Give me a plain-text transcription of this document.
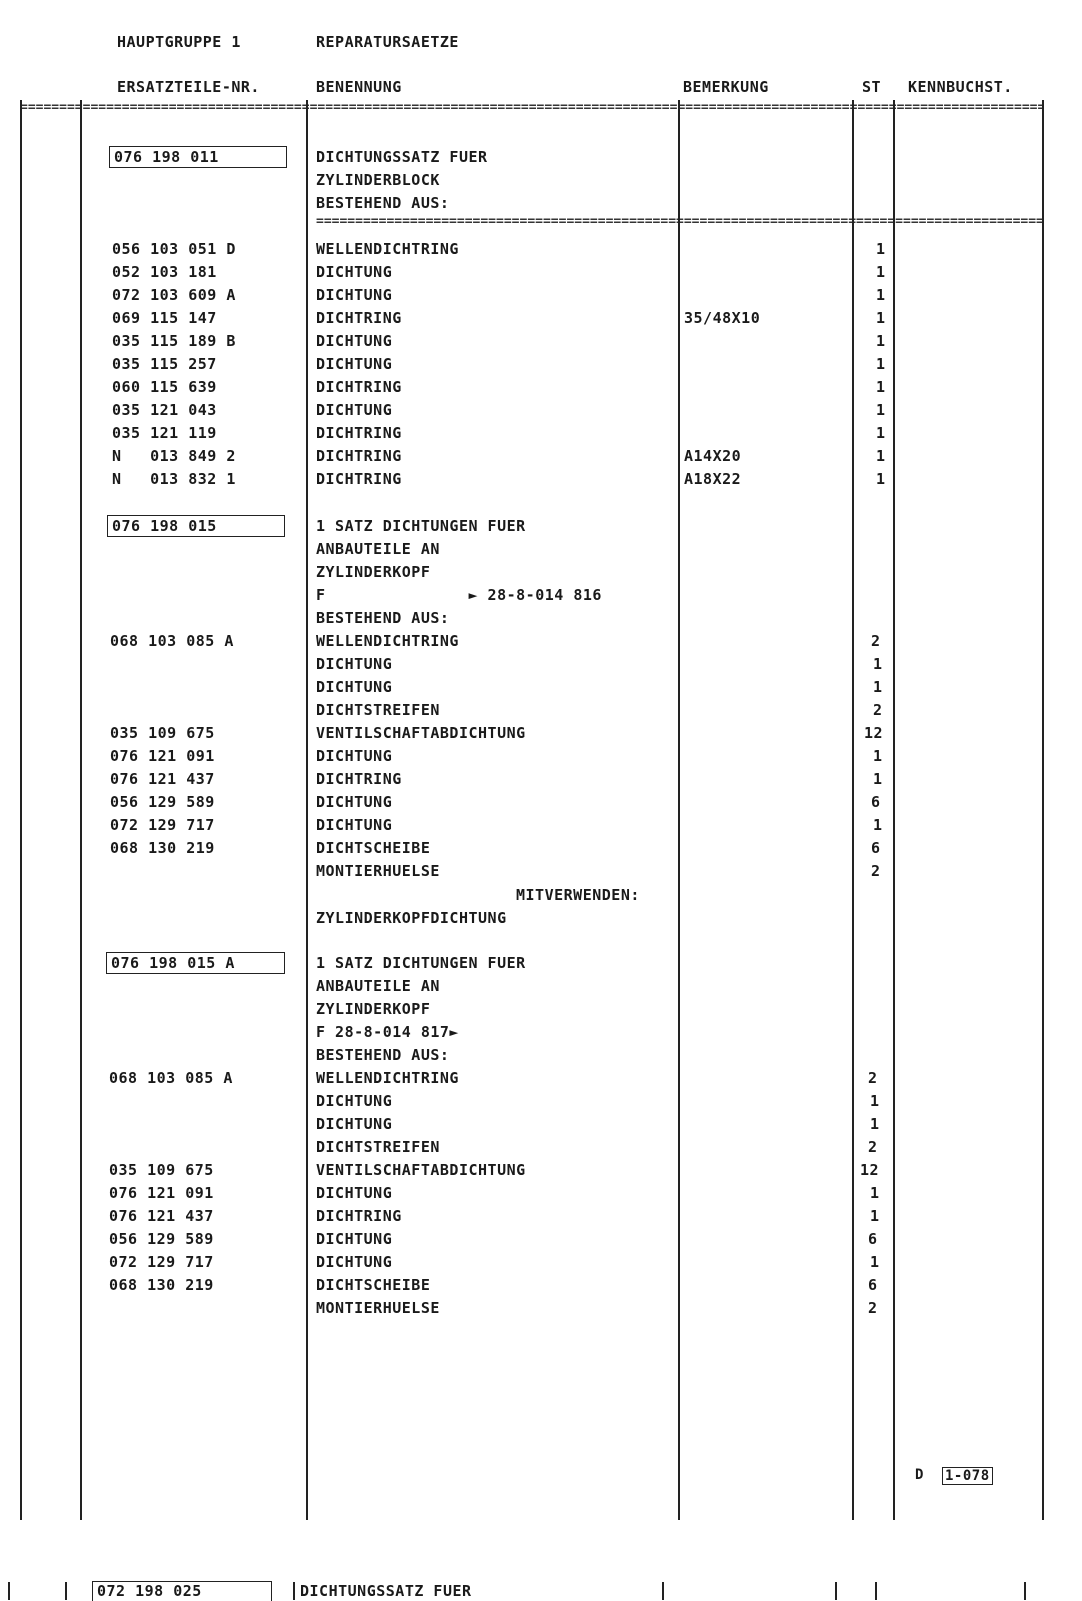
HAUPTGRUPPE 1	REPARATURSAETZE
ERSATZTEILE-NR.	BENENNUNG	BEMERKUNG	ST KENNBUCHST.
=====
=====
076 198 011	DICHTUNGSSATZ FUER
ZYLINDERBLOCK
BESTEHEND AUS:
056 103 051 D	WELLENDICHTRING	1
052 103 181	DICHTUNG	1
072 103 609 A	DICHTUNG	1
069 115 147	DICHTRING	35/48X10	1
035 115 189 B	DICHTUNG	1
035 115 257	DICHTUNG	1
060 115 639	DICHTRING	1
035 121 043	DICHTUNG	1
035 121 119	DICHTRING	1
N   013 849 2	DICHTRING	A14X20	1
N   013 832 1	DICHTRING	A18X22	1
076 198 015	1 SATZ DICHTUNGEN FUER
ANBAUTEILE AN
ZYLINDERKOPF
F               ► 28-8-014 816
BESTEHEND AUS:
068 103 085 A	WELLENDICHTRING	2
DICHTUNG	1
DICHTUNG	1
DICHTSTREIFEN	2
035 109 675	VENTILSCHAFTABDICHTUNG	12
076 121 091	DICHTUNG	1
076 121 437	DICHTRING	1
056 129 589	DICHTUNG	6
072 129 717	DICHTUNG	1
068 130 219	DICHTSCHEIBE	6
MONTIERHUELSE	2
MITVERWENDEN:
ZYLINDERKOPFDICHTUNG
076 198 015 A	1 SATZ DICHTUNGEN FUER
ANBAUTEILE AN
ZYLINDERKOPF
F 28-8-014 817►
BESTEHEND AUS:
068 103 085 A	WELLENDICHTRING	2
DICHTUNG	1
DICHTUNG	1
DICHTSTREIFEN	2
035 109 675	VENTILSCHAFTABDICHTUNG	12
076 121 091	DICHTUNG	1
076 121 437	DICHTRING	1
056 129 589	DICHTUNG	6
072 129 717	DICHTUNG	1
068 130 219	DICHTSCHEIBE	6
MONTIERHUELSE	2
D 1-078
072 198 025	DICHTUNGSSATZ FUER
